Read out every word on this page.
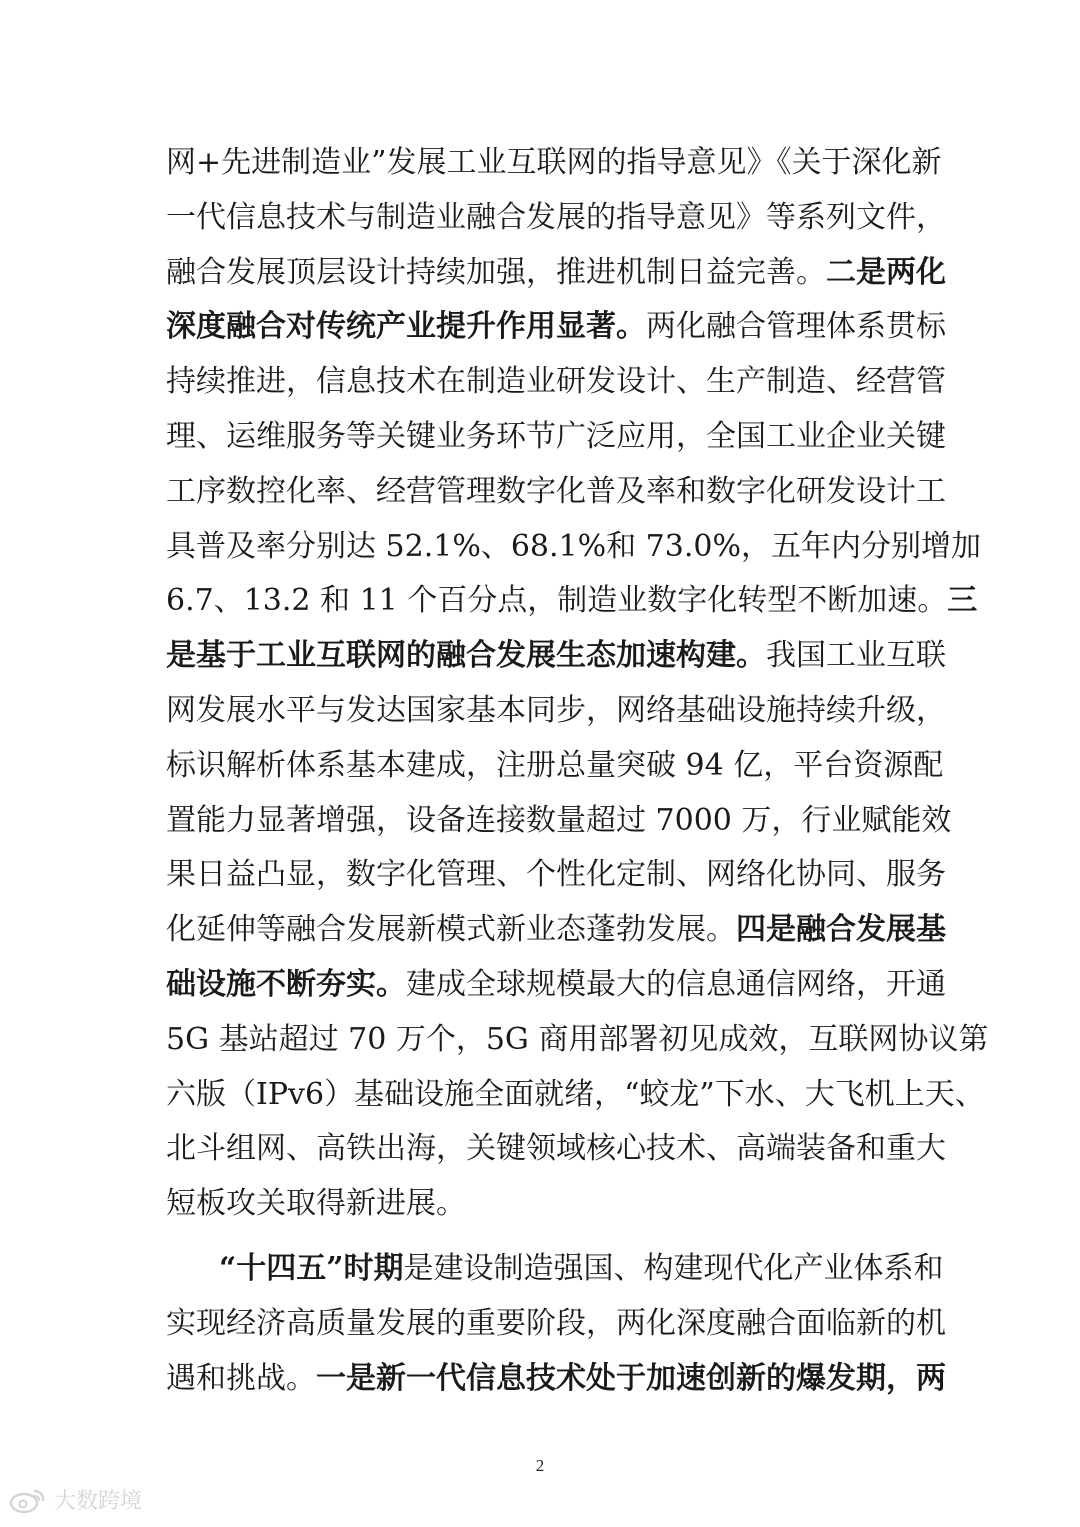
网+先进制造业”发展工业互联网的指导意见》《关于深化新
一代信息技术与制造业融合发展的指导意见》等系列文件，
融合发展顶层设计持续加强，推进机制日益完善。二是两化
深度融合对传统产业提升作用显著。两化融合管理体系贯标
持续推进，信息技术在制造业研发设计、生产制造、经营管
理、运维服务等关键业务环节广泛应用，全国工业企业关键
工序数控化率、经营管理数字化普及率和数字化研发设计工
具普及率分别达 52.1%、68.1%和 73.0%，五年内分别增加
6.7、13.2 和 11 个百分点，制造业数字化转型不断加速。三
是基于工业互联网的融合发展生态加速构建。我国工业互联
网发展水平与发达国家基本同步，网络基础设施持续升级，
标识解析体系基本建成，注册总量突破 94 亿，平台资源配
置能力显著增强，设备连接数量超过 7000 万，行业赋能效
果日益凸显，数字化管理、个性化定制、网络化协同、服务
化延伸等融合发展新模式新业态蓬勃发展。四是融合发展基
础设施不断夯实。建成全球规模最大的信息通信网络，开通
5G 基站超过 70 万个，5G 商用部署初见成效，互联网协议第
六版（IPv6）基础设施全面就绪，“蛟龙”下水、大飞机上天、
北斗组网、高铁出海，关键领域核心技术、高端装备和重大
短板攻关取得新进展。
“十四五”时期是建设制造强国、构建现代化产业体系和
实现经济高质量发展的重要阶段，两化深度融合面临新的机
遇和挑战。一是新一代信息技术处于加速创新的爆发期，两
2
大数跨境
